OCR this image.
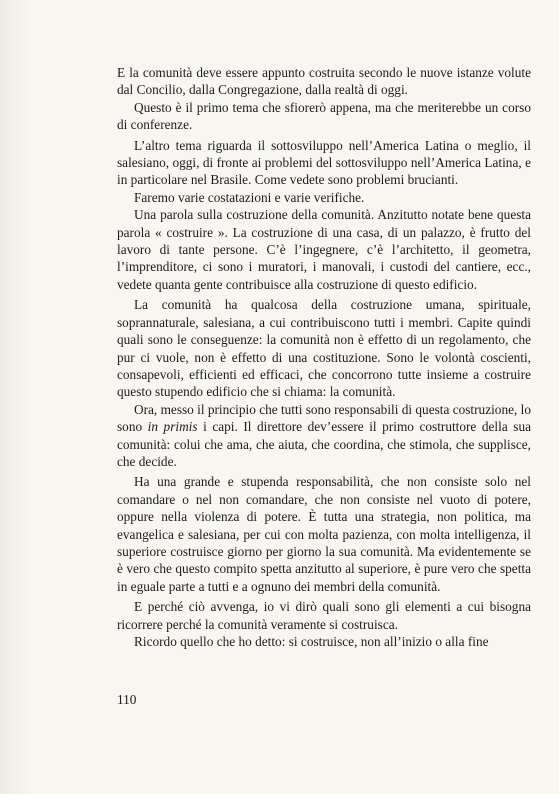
E la comunità deve essere appunto costruita secondo le nuove istanze volute dal Concilio, dalla Congregazione, dalla realtà di oggi.

Questo è il primo tema che sfiorerò appena, ma che meriterebbe un corso di conferenze.

L’altro tema riguarda il sottosviluppo nell’America Latina o meglio, il salesiano, oggi, di fronte ai problemi del sottosviluppo nell’America Latina, e in particolare nel Brasile. Come vedete sono problemi brucianti.

Faremo varie costatazioni e varie verifiche.

Una parola sulla costruzione della comunità. Anzitutto notate bene questa parola « costruire ». La costruzione di una casa, di un palazzo, è frutto del lavoro di tante persone. C’è l’ingegnere, c’è l’architetto, il geometra, l’imprenditore, ci sono i muratori, i manovali, i custodi del cantiere, ecc., vedete quanta gente contribuisce alla costruzione di questo edificio.

La comunità ha qualcosa della costruzione umana, spirituale, soprannaturale, salesiana, a cui contribuiscono tutti i membri. Capite quindi quali sono le conseguenze: la comunità non è effetto di un regolamento, che pur ci vuole, non è effetto di una costituzione. Sono le volontà coscienti, consapevoli, efficienti ed efficaci, che concorrono tutte insieme a costruire questo stupendo edificio che si chiama: la comunità.

Ora, messo il principio che tutti sono responsabili di questa costruzione, lo sono in primis i capi. Il direttore dev’essere il primo costruttore della sua comunità: colui che ama, che aiuta, che coordina, che stimola, che supplisce, che decide.

Ha una grande e stupenda responsabilità, che non consiste solo nel comandare o nel non comandare, che non consiste nel vuoto di potere, oppure nella violenza di potere. È tutta una strategia, non politica, ma evangelica e salesiana, per cui con molta pazienza, con molta intelligenza, il superiore costruisce giorno per giorno la sua comunità. Ma evidentemente se è vero che questo compito spetta anzitutto al superiore, è pure vero che spetta in eguale parte a tutti e a ognuno dei membri della comunità.

E perché ciò avvenga, io vi dirò quali sono gli elementi a cui bisogna ricorrere perché la comunità veramente si costruisca.

Ricordo quello che ho detto: si costruisce, non all’inizio o alla fine

110
